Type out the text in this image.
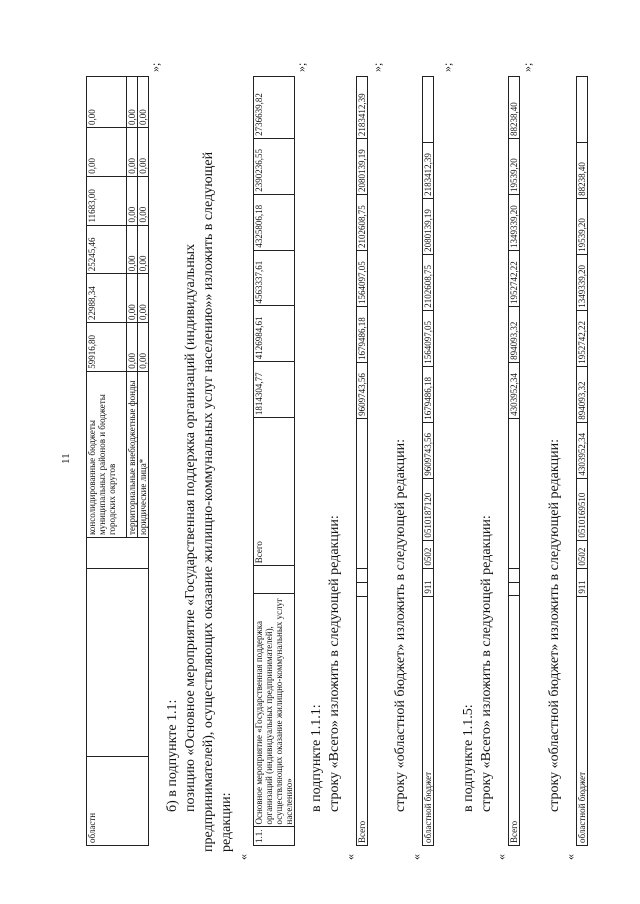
11
областн			консолидированные бюджеты муниципальных районов и бюджеты городских округов	59916,80	22988,34	25245,46	11683,00	0,00	0,00
			территориальные внебюджетные фонды	0,00	0,00	0,00	0,00	0,00	0,00
			юридические лица*	0,00	0,00	0,00	0,00	0,00	0,00
»;
б) в подпункте 1.1: позицию «Основное мероприятие «Государственная поддержка организаций (индивидуальных предпринимателей), осуществляющих оказание жилищно-коммунальных услуг населению»» изложить в следующей редакции:
«
1.1.	Основное мероприятие «Государственная поддержка организаций (индивидуальных предпринимателей), осуществляющих оказание жилищно-коммунальных услуг населению»		Всего	1814304,77	4126984,61	4563337,61	4325806,18	2390236,55	2736639,82
»;
в подпункте 1.1.1: строку «Всего» изложить в следующей редакции:
«
Всего				9609743,56	1679486,18	1564097,05	2102608,75	2080139,19	2183412,39
»;
строку «областной бюджет» изложить в следующей редакции:
«
областной бюджет	911	0502	0510187120	9609743,56	1679486,18	1564097,05	2102608,75	2080139,19	2183412,39	
»;
в подпункте 1.1.5: строку «Всего» изложить в следующей редакции:
«
Всего				4303952,34	894093,32	1952742,22	1349339,20	19539,20	88238,40
»;
строку «областной бюджет» изложить в следующей редакции:
«
областной бюджет	911	0502	0510169510	4303952,34	894093,32	1952742,22	1349339,20	19539,20	88238,40	
